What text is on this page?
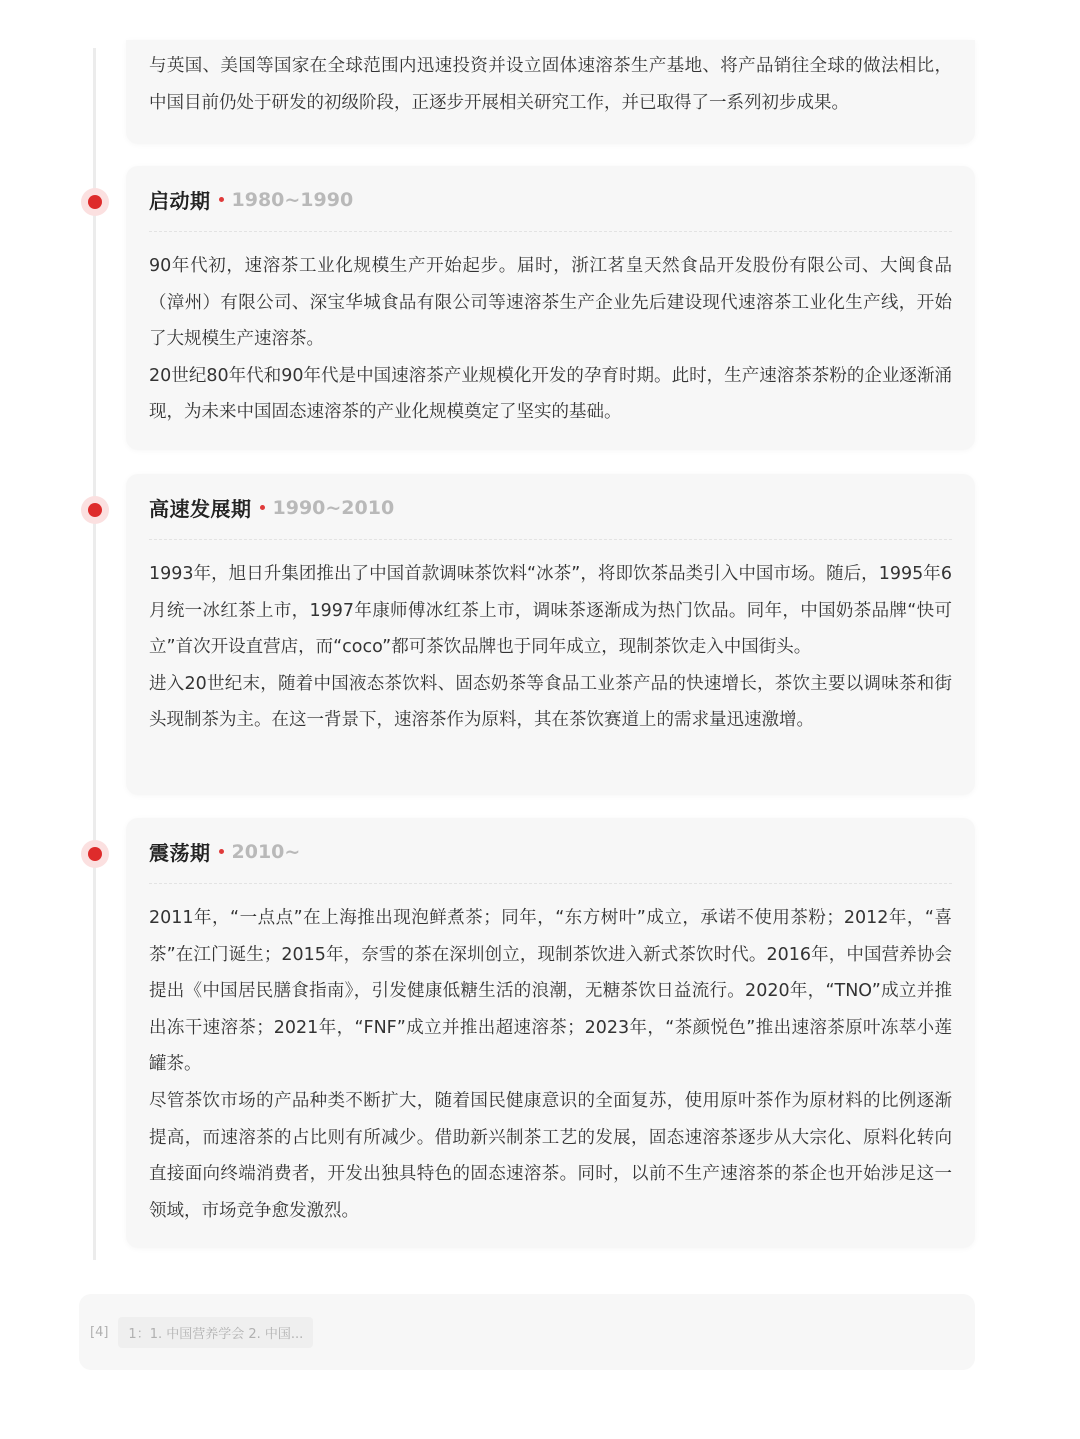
与英国、美国等国家在全球范围内迅速投资并设立固体速溶茶生产基地、将产品销往全球的做法相比，中国目前仍处于研发的初级阶段，正逐步开展相关研究工作，并已取得了一系列初步成果。

启动期 1980~1990

90年代初，速溶茶工业化规模生产开始起步。届时，浙江茗皇天然食品开发股份有限公司、大闽食品（漳州）有限公司、深宝华城食品有限公司等速溶茶生产企业先后建设现代速溶茶工业化生产线，开始了大规模生产速溶茶。

20世纪80年代和90年代是中国速溶茶产业规模化开发的孕育时期。此时，生产速溶茶茶粉的企业逐渐涌现，为未来中国固态速溶茶的产业化规模奠定了坚实的基础。

高速发展期 1990~2010

1993年，旭日升集团推出了中国首款调味茶饮料“冰茶”，将即饮茶品类引入中国市场。随后，1995年6月统一冰红茶上市，1997年康师傅冰红茶上市，调味茶逐渐成为热门饮品。同年，中国奶茶品牌“快可立”首次开设直营店，而“coco”都可茶饮品牌也于同年成立，现制茶饮走入中国街头。

进入20世纪末，随着中国液态茶饮料、固态奶茶等食品工业茶产品的快速增长，茶饮主要以调味茶和街头现制茶为主。在这一背景下，速溶茶作为原料，其在茶饮赛道上的需求量迅速激增。

震荡期 2010~

2011年，“一点点”在上海推出现泡鲜煮茶；同年，“东方树叶”成立，承诺不使用茶粉；2012年，“喜茶”在江门诞生；2015年，奈雪的茶在深圳创立，现制茶饮进入新式茶饮时代。2016年，中国营养协会提出《中国居民膳食指南》，引发健康低糖生活的浪潮，无糖茶饮日益流行。2020年，“TNO”成立并推出冻干速溶茶；2021年，“FNF”成立并推出超速溶茶；2023年，“茶颜悦色”推出速溶茶原叶冻萃小莲罐茶。

尽管茶饮市场的产品种类不断扩大，随着国民健康意识的全面复苏，使用原叶茶作为原材料的比例逐渐提高，而速溶茶的占比则有所减少。借助新兴制茶工艺的发展，固态速溶茶逐步从大宗化、原料化转向直接面向终端消费者，开发出独具特色的固态速溶茶。同时，以前不生产速溶茶的茶企也开始涉足这一领域，市场竞争愈发激烈。

[4]	1：1. 中国营养学会 2. 中国...
